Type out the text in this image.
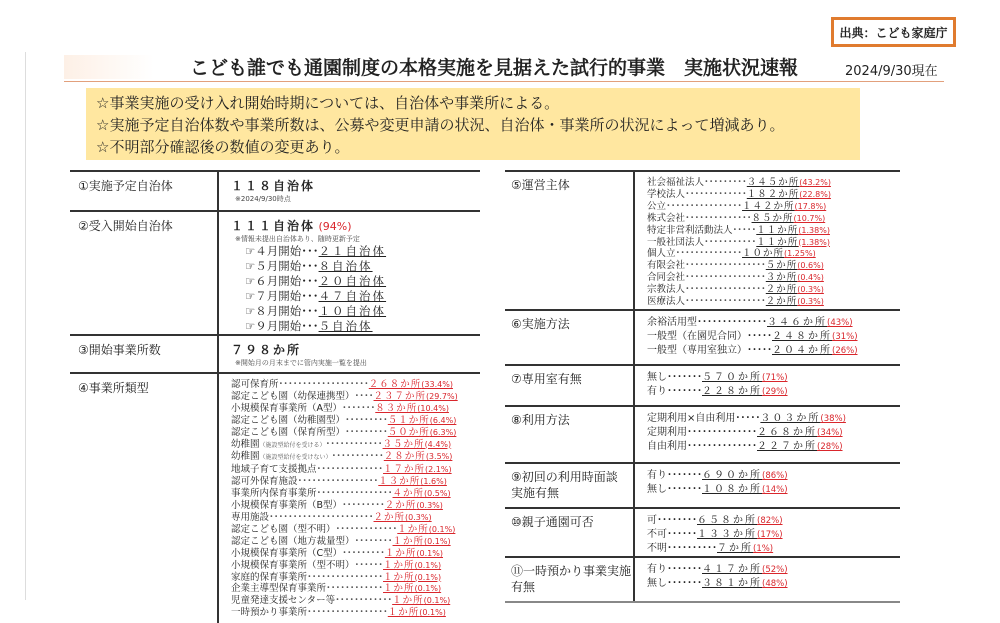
出典：こども家庭庁
こども誰でも通園制度の本格実施を見据えた試行的事業　実施状況速報	2024/9/30現在
☆事業実施の受け入れ開始時期については、自治体や事業所による。
☆実施予定自治体数や事業所数は、公募や変更申請の状況、自治体・事業所の状況によって増減あり。
☆不明部分確認後の数値の変更あり。
①実施予定自治体	１１８自治体
※2024/9/30時点

②受入開始自治体	１１１自治体 (94%)
※情報未提出自治体あり、随時更新予定
☞４月開始･･･２１自治体
☞５月開始･･･８自治体
☞６月開始･･･２０自治体
☞７月開始･･･４７自治体
☞８月開始･･･１０自治体
☞９月開始･･･５自治体

③開始事業所数	７９８か所
※開始月の月末までに管内実施一覧を提出

④事業所類型	認可保育所･･･････････････････２６８か所(33.4%)
認定こども園（幼保連携型）････２３７か所(29.7%)
小規模保育事業所（A型）･･･････８３か所(10.4%)
認定こども園（幼稚園型）･････････５１か所(6.4%)
認定こども園（保育所型）･････････５０か所(6.3%)
幼稚園（施設型給付を受ける）････････････３５か所(4.4%)
幼稚園（施設型給付を受けない）･･･････････２８か所(3.5%)
地域子育て支援拠点･･････････････１７か所(2.1%)
認可外保育施設･････････････････１３か所(1.6%)
事業所内保育事業所････････････････４か所(0.5%)
小規模保育事業所（B型）･････････２か所(0.3%)
専用施設･･････････････････････２か所(0.3%)
認定こども園（型不明）･････････････１か所(0.1%)
認定こども園（地方裁量型）････････１か所(0.1%)
小規模保育事業所（C型）･････････１か所(0.1%)
小規模保育事業所（型不明）･･････１か所(0.1%)
家庭的保育事業所････････････････１か所(0.1%)
企業主導型保育事業所････････････１か所(0.1%)
児童発達支援センター等････････････１か所(0.1%)
一時預かり事業所･････････････････１か所(0.1%)
⑤運営主体	社会福祉法人･････････３４５か所(43.2%)
学校法人･････････････１８２か所(22.8%)
公立････････････････１４２か所(17.8%)
株式会社･･････････････８５か所(10.7%)
特定非営利活動法人･････１１か所(1.38%)
一般社団法人･･･････････１１か所(1.38%)
個人立･･････････････１０か所(1.25%)
有限会社･････････････････５か所(0.6%)
合同会社･････････････････３か所(0.4%)
宗教法人･････････････････２か所(0.3%)
医療法人･････････････････２か所(0.3%)

⑥実施方法	余裕活用型･･････････････３４６か所(43%)
一般型（在園児合同）･････２４８か所(31%)
一般型（専用室独立）･････２０４か所(26%)

⑦専用室有無	無し･･･････５７０か所(71%)
有り･･･････２２８か所(29%)

⑧利用方法	定期利用×自由利用･････３０３か所(38%)
定期利用･･････････････２６８か所(34%)
自由利用･･････････････２２７か所(28%)

⑨初回の利用時面談
実施有無

有り･･･････６９０か所(86%)
無し･･･････１０８か所(14%)

⑩親子通園可否	可････････６５８か所(82%)
不可･･････１３３か所(17%)
不明･･････････７か所(1%)

⑪一時預かり事業実施
有無

有り･･･････４１７か所(52%)
無し･･･････３８１か所(48%)
